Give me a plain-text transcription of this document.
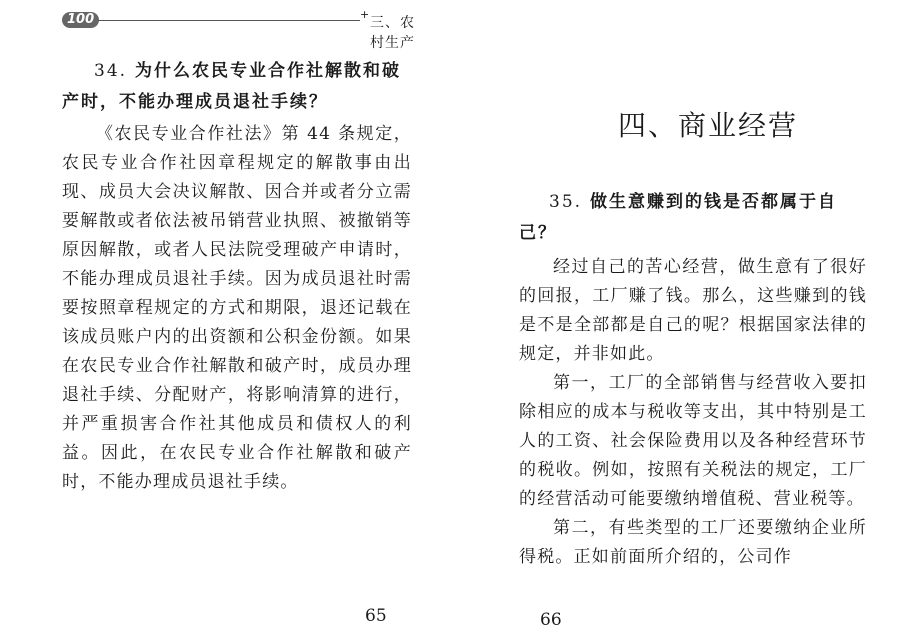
100	+
三、农村生产
34. 为什么农民专业合作社解散和破产时，不能办理成员退社手续？

《农民专业合作社法》第 44 条规定，农民专业合作社因章程规定的解散事由出现、成员大会决议解散、因合并或者分立需要解散或者依法被吊销营业执照、被撤销等原因解散，或者人民法院受理破产申请时，不能办理成员退社手续。因为成员退社时需要按照章程规定的方式和期限，退还记载在该成员账户内的出资额和公积金份额。如果在农民专业合作社解散和破产时，成员办理退社手续、分配财产，将影响清算的进行，并严重损害合作社其他成员和债权人的利益。因此，在农民专业合作社解散和破产时，不能办理成员退社手续。

65
四、商业经营
35. 做生意赚到的钱是否都属于自己？

经过自己的苦心经营，做生意有了很好的回报，工厂赚了钱。那么，这些赚到的钱是不是全部都是自己的呢？根据国家法律的规定，并非如此。

第一，工厂的全部销售与经营收入要扣除相应的成本与税收等支出，其中特别是工人的工资、社会保险费用以及各种经营环节的税收。例如，按照有关税法的规定，工厂的经营活动可能要缴纳增值税、营业税等。

第二，有些类型的工厂还要缴纳企业所得税。正如前面所介绍的，公司作

66
